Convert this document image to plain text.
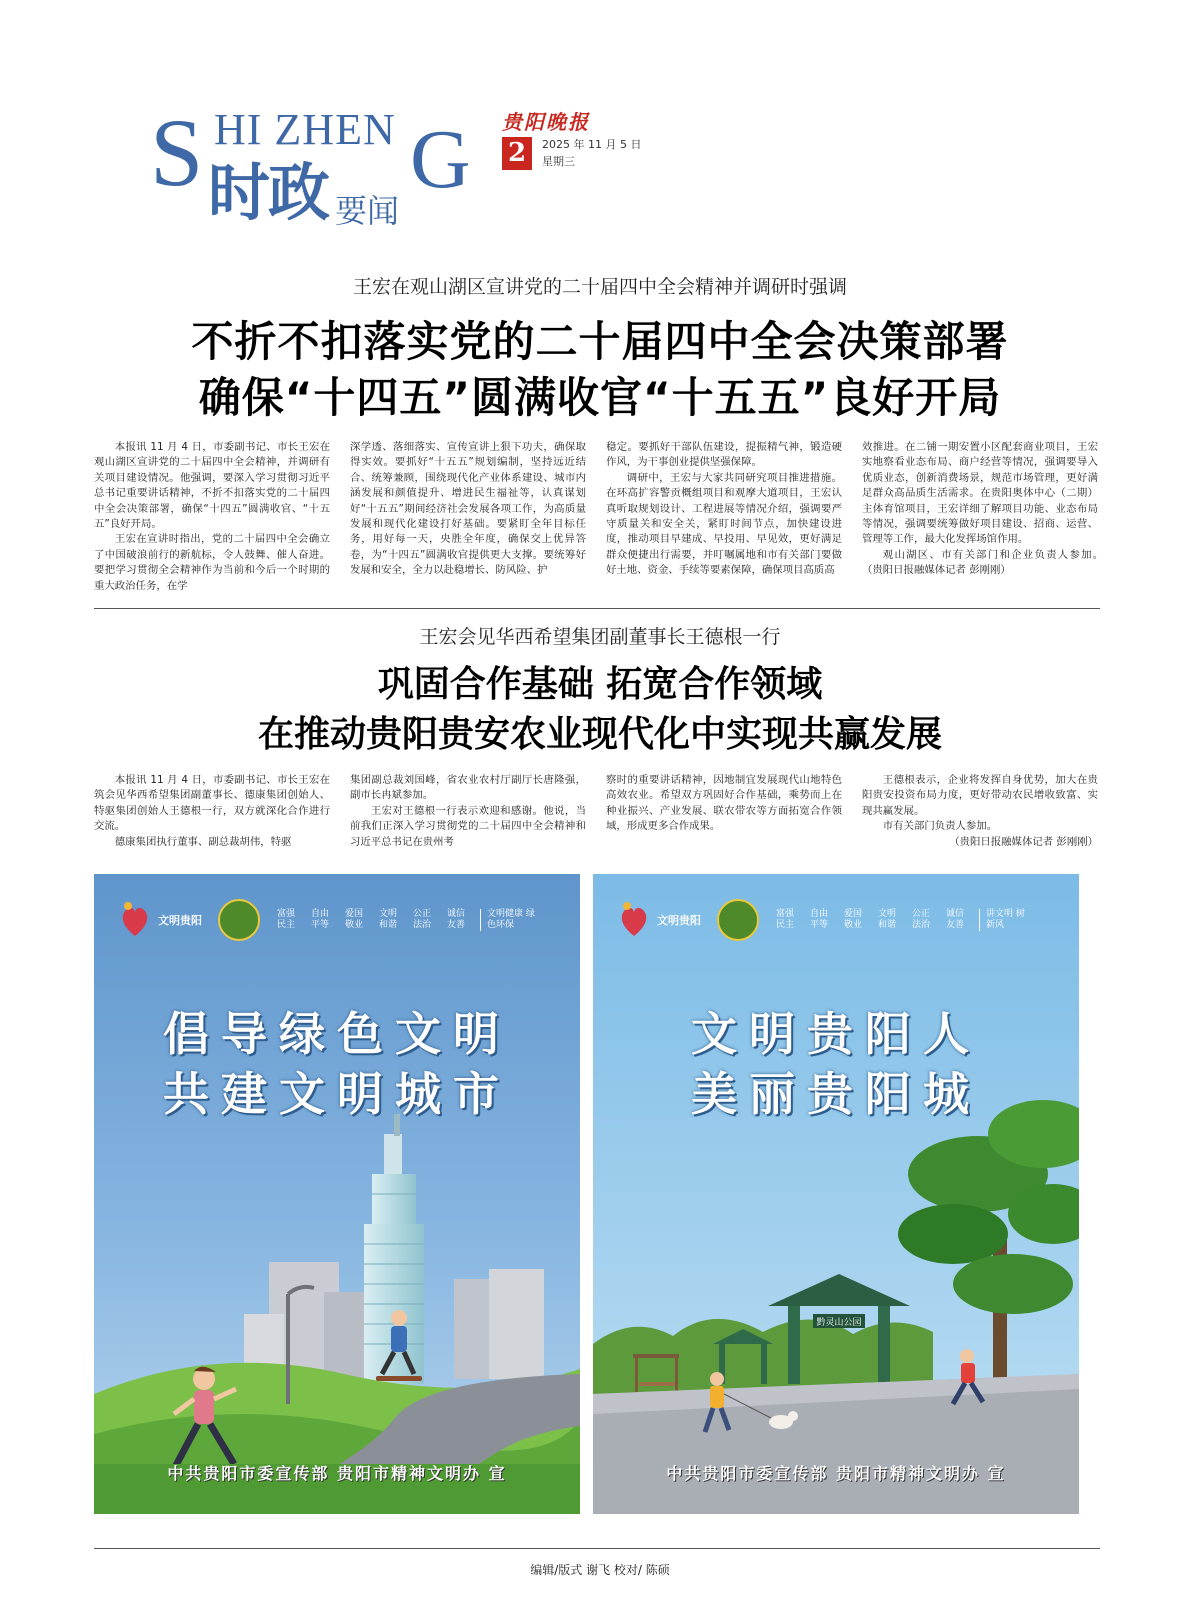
S HI ZHEN G
时政 要闻
贵阳晚报
2	2025 年 11 月 5 日
星期三
王宏在观山湖区宣讲党的二十届四中全会精神并调研时强调
不折不扣落实党的二十届四中全会决策部署
确保“十四五”圆满收官“十五五”良好开局

本报讯 11 月 4 日，市委副书记、市长王宏在观山湖区宣讲党的二十届四中全会精神，并调研有关项目建设情况。他强调，要深入学习贯彻习近平总书记重要讲话精神，不折不扣落实党的二十届四中全会决策部署，确保“十四五”圆满收官、“十五五”良好开局。

王宏在宣讲时指出，党的二十届四中全会确立了中国破浪前行的新航标，令人鼓舞、催人奋进。要把学习贯彻全会精神作为当前和今后一个时期的重大政治任务，在学

深学透、落细落实、宣传宣讲上狠下功夫，确保取得实效。要抓好“十五五”规划编制，坚持远近结合、统筹兼顾，围绕现代化产业体系建设、城市内涵发展和颜值提升、增进民生福祉等，认真谋划好“十五五”期间经济社会发展各项工作，为高质量发展和现代化建设打好基础。要紧盯全年目标任务，用好每一天，央胜全年度，确保交上优异答卷，为“十四五”圆满收官提供更大支撑。要统筹好发展和安全，全力以赴稳增长、防风险、护

稳定。要抓好干部队伍建设，提振精气神，锻造硬作风，为干事创业提供坚强保障。

调研中，王宏与大家共同研究项目推进措施。在环高扩容警贡概组项目和观摩大道项目，王宏认真听取规划设计、工程进展等情况介绍，强调要严守质量关和安全关，紧盯时间节点，加快建设进度，推动项目早建成、早投用、早见效，更好满足群众便捷出行需要，并叮嘱属地和市有关部门要做好土地、资金、手续等要素保障，确保项目高质高

效推进。在二铺一期安置小区配套商业项目，王宏实地察看业态布局、商户经营等情况，强调要导入优质业态，创新消费场景，规范市场管理，更好满足群众高品质生活需求。在贵阳奥体中心（二期）主体育馆项目，王宏详细了解项目功能、业态布局等情况，强调要统筹做好项目建设、招商、运营、管理等工作，最大化发挥场馆作用。

观山湖区、市有关部门和企业负责人参加。　（贵阳日报融媒体记者 彭刚刚）

王宏会见华西希望集团副董事长王德根一行
巩固合作基础 拓宽合作领域
在推动贵阳贵安农业现代化中实现共赢发展

本报讯 11 月 4 日，市委副书记、市长王宏在筑会见华西希望集团副董事长、德康集团创始人、特驱集团创始人王德根一行，双方就深化合作进行交流。

德康集团执行董事、副总裁胡伟，特驱

集团副总裁刘国峰，省农业农村厅副厅长唐隆强，副市长冉斌参加。

王宏对王德根一行表示欢迎和感谢。他说，当前我们正深入学习贯彻党的二十届四中全会精神和习近平总书记在贵州考

察时的重要讲话精神，因地制宜发展现代山地特色高效农业。希望双方巩固好合作基础，乘势而上在种业振兴、产业发展、联农带农等方面拓宽合作领域，形成更多合作成果。

王德根表示，企业将发挥自身优势，加大在贵阳贵安投资布局力度，更好带动农民增收致富、实现共赢发展。

市有关部门负责人参加。

（贵阳日报融媒体记者 彭刚刚）

文明贵阳	富强民主
自由平等
爱国敬业
文明和谐
公正法治
诚信友善
文明健康 绿色环保
倡导绿色文明
共建文明城市
中共贵阳市委宣传部 贵阳市精神文明办 宣
黔灵山公园
文明贵阳	富强民主
自由平等
爱国敬业
文明和谐
公正法治
诚信友善
讲文明 树新风
文明贵阳人
美丽贵阳城
中共贵阳市委宣传部 贵阳市精神文明办 宣
编辑/版式 谢飞 校对/ 陈硕
